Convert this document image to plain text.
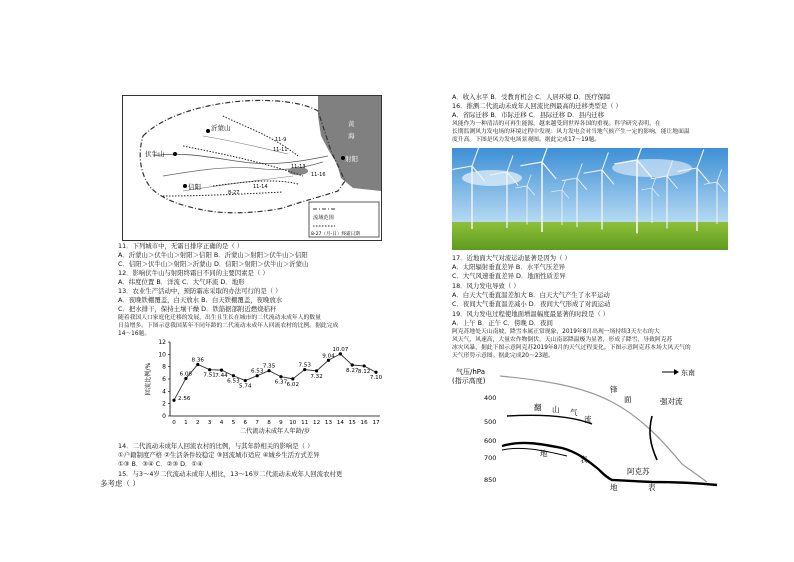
沂蒙山
伏牛山
信阳
射阳
11-9
11-11
11-13
11-14
11-16
8-27
黄
海
流域范围
8-27（月-日）终霜日期
11．下列城市中，无霜日排序正确的是（ ）
A．沂蒙山＞伏牛山＞射阳＞信阳 B．沂蒙山＞射阳＞伏牛山＞信阳
C．信阳＞伏牛山＞射阳＞沂蒙山 D．信阳＞射阳＞伏牛山＞沂蒙山
12．影响伏牛山与射阳终霜日不同的主要因素是（ ）
A．纬度位置 B．洋流 C．大气环流 D．地形
13．农业生产活动中，预防霜冻采取的办法可行的是（ ）
A．夜晚铁棚覆盖，白天放水 B．白天铁棚覆盖，夜晚放水
C．把水排干，保持土壤干燥 D．铁筋据部附近燃烧秸秆
随着我国人口家庭化迁移的发展，出生且生长在城市的二代流动未成年人的数量
日益增多。下图示意我国某年不同年龄的二代流动未成年人回流农村的比例。据此完成
14～16题。
0
2
4
6
8
10
12
0 1 2 3 4 5 6 7 8 9 10 11 12 13 14 15 16 17
二代流动未成年人年龄/岁
回流比例/%
2.56
6.08
8.36
7.51 7.44
6.53
5.74
6.53
7.35
6.37 6.02
7.53
7.32
9.04
10.07
8.27 8.12
7.10
14．二代流动未成年人回流农村的比例，与其年龄相关的影响是（ ）
①户籍制度产格 ②生活条件较稳定 ③回流城市适应 ④城乡生活方式差异
①③ B．③④ C．②③ D．①④
15．与3～4岁二代流动未成年人相比，13～16岁二代流动未成年人回流农村更
多考虑（ ）
A．收入水平 B．受教育机会 C．人居环境 D．医疗保障
16．推测二代流动未成年人回流比例最高的迁移类型是（ ）
A．省际迁移 B．市际迁移 C．县际迁移 D．县内迁移
风能作为一种清洁的可再生能源，越来越受到世界各国的重视。科学研究表明，在
长期监测风力发电场的环境过程中发现：风力发电会对当地气候产生一定的影响，能让地面温
度升高。下图是风力发电场景观图。据此完成17～19题。
17．近地面大气对流运动显著是因为（ ）
A．太阳辐射垂直差异 B．水平气压差异
C．大气风速垂直差异 D．地面性质差异
18．风力发电导致（ ）
A．白天大气垂直温差加大 B．白天大气产生了水平运动
C．夜间大气垂直温差减小 D．夜间大气形成了对流运动
19．风力发电过程使地面增温幅度最显著的时段是（ ）
A．上午 B．正午 C．傍晚 D．夜间
阿克苏地处天山南坡，降雪本属正常现象，2019年8月出现一场持续3天左右的大
风天气，风速高，大量农作物倒伏，天山南部降温极为显著，形成了降雪，导致阿克苏
冰灾风暴，据此下图示意阿克苏2019年8月的天气过程变化。下图示意阿克苏本场大风天气的
天气形势示意图。据此完成20～23题。
气压/hPa
(指示高度)
400
500
600
700
850
东南
锋
面
翻 山 气
流
强对流
地
表
阿克苏
地	表
